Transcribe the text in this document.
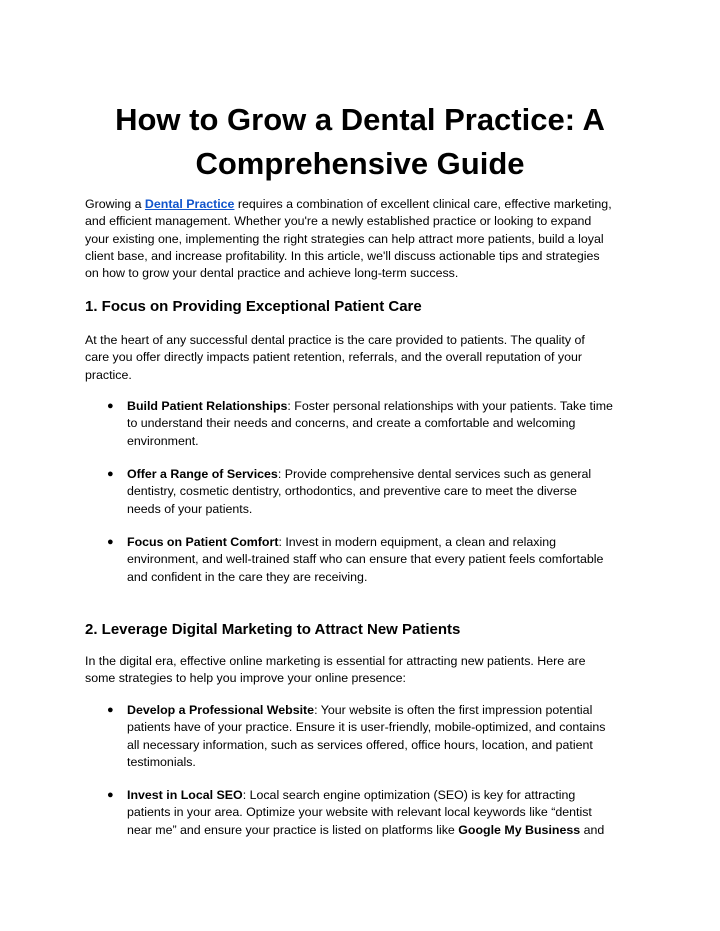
How to Grow a Dental Practice: A
Comprehensive Guide

Growing a Dental Practice requires a combination of excellent clinical care, effective marketing,
and efficient management. Whether you're a newly established practice or looking to expand
your existing one, implementing the right strategies can help attract more patients, build a loyal
client base, and increase profitability. In this article, we'll discuss actionable tips and strategies
on how to grow your dental practice and achieve long-term success.

1. Focus on Providing Exceptional Patient Care

At the heart of any successful dental practice is the care provided to patients. The quality of
care you offer directly impacts patient retention, referrals, and the overall reputation of your
practice.

● Build Patient Relationships: Foster personal relationships with your patients. Take time
to understand their needs and concerns, and create a comfortable and welcoming
environment.
● Offer a Range of Services: Provide comprehensive dental services such as general
dentistry, cosmetic dentistry, orthodontics, and preventive care to meet the diverse
needs of your patients.
● Focus on Patient Comfort: Invest in modern equipment, a clean and relaxing
environment, and well-trained staff who can ensure that every patient feels comfortable
and confident in the care they are receiving.
2. Leverage Digital Marketing to Attract New Patients

In the digital era, effective online marketing is essential for attracting new patients. Here are
some strategies to help you improve your online presence:

● Develop a Professional Website: Your website is often the first impression potential
patients have of your practice. Ensure it is user-friendly, mobile-optimized, and contains
all necessary information, such as services offered, office hours, location, and patient
testimonials.
● Invest in Local SEO: Local search engine optimization (SEO) is key for attracting
patients in your area. Optimize your website with relevant local keywords like “dentist
near me” and ensure your practice is listed on platforms like Google My Business and
